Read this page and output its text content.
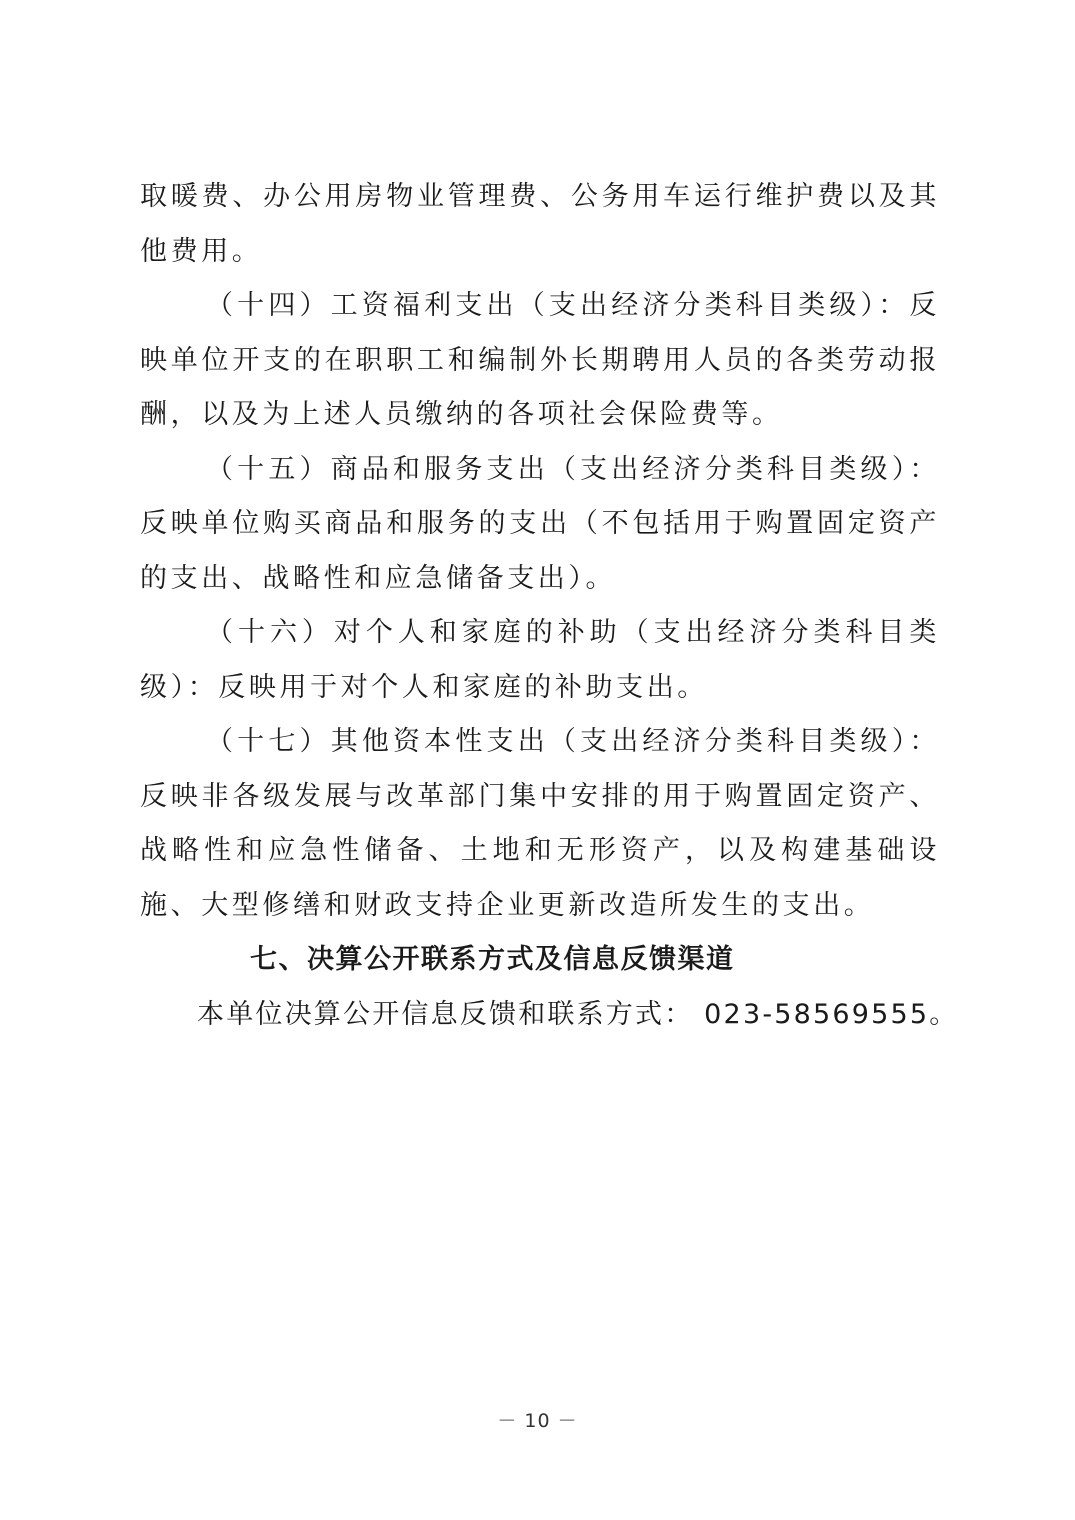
取暖费、办公用房物业管理费、公务用车运行维护费以及其他费用。

（十四）工资福利支出（支出经济分类科目类级）：反映单位开支的在职职工和编制外长期聘用人员的各类劳动报酬，以及为上述人员缴纳的各项社会保险费等。

（十五）商品和服务支出（支出经济分类科目类级）：反映单位购买商品和服务的支出（不包括用于购置固定资产的支出、战略性和应急储备支出）。

（十六）对个人和家庭的补助（支出经济分类科目类级）：反映用于对个人和家庭的补助支出。

（十七）其他资本性支出（支出经济分类科目类级）：反映非各级发展与改革部门集中安排的用于购置固定资产、战略性和应急性储备、土地和无形资产，以及构建基础设施、大型修缮和财政支持企业更新改造所发生的支出。

七、决算公开联系方式及信息反馈渠道

本单位决算公开信息反馈和联系方式： 023-58569555。

－ 10 －
